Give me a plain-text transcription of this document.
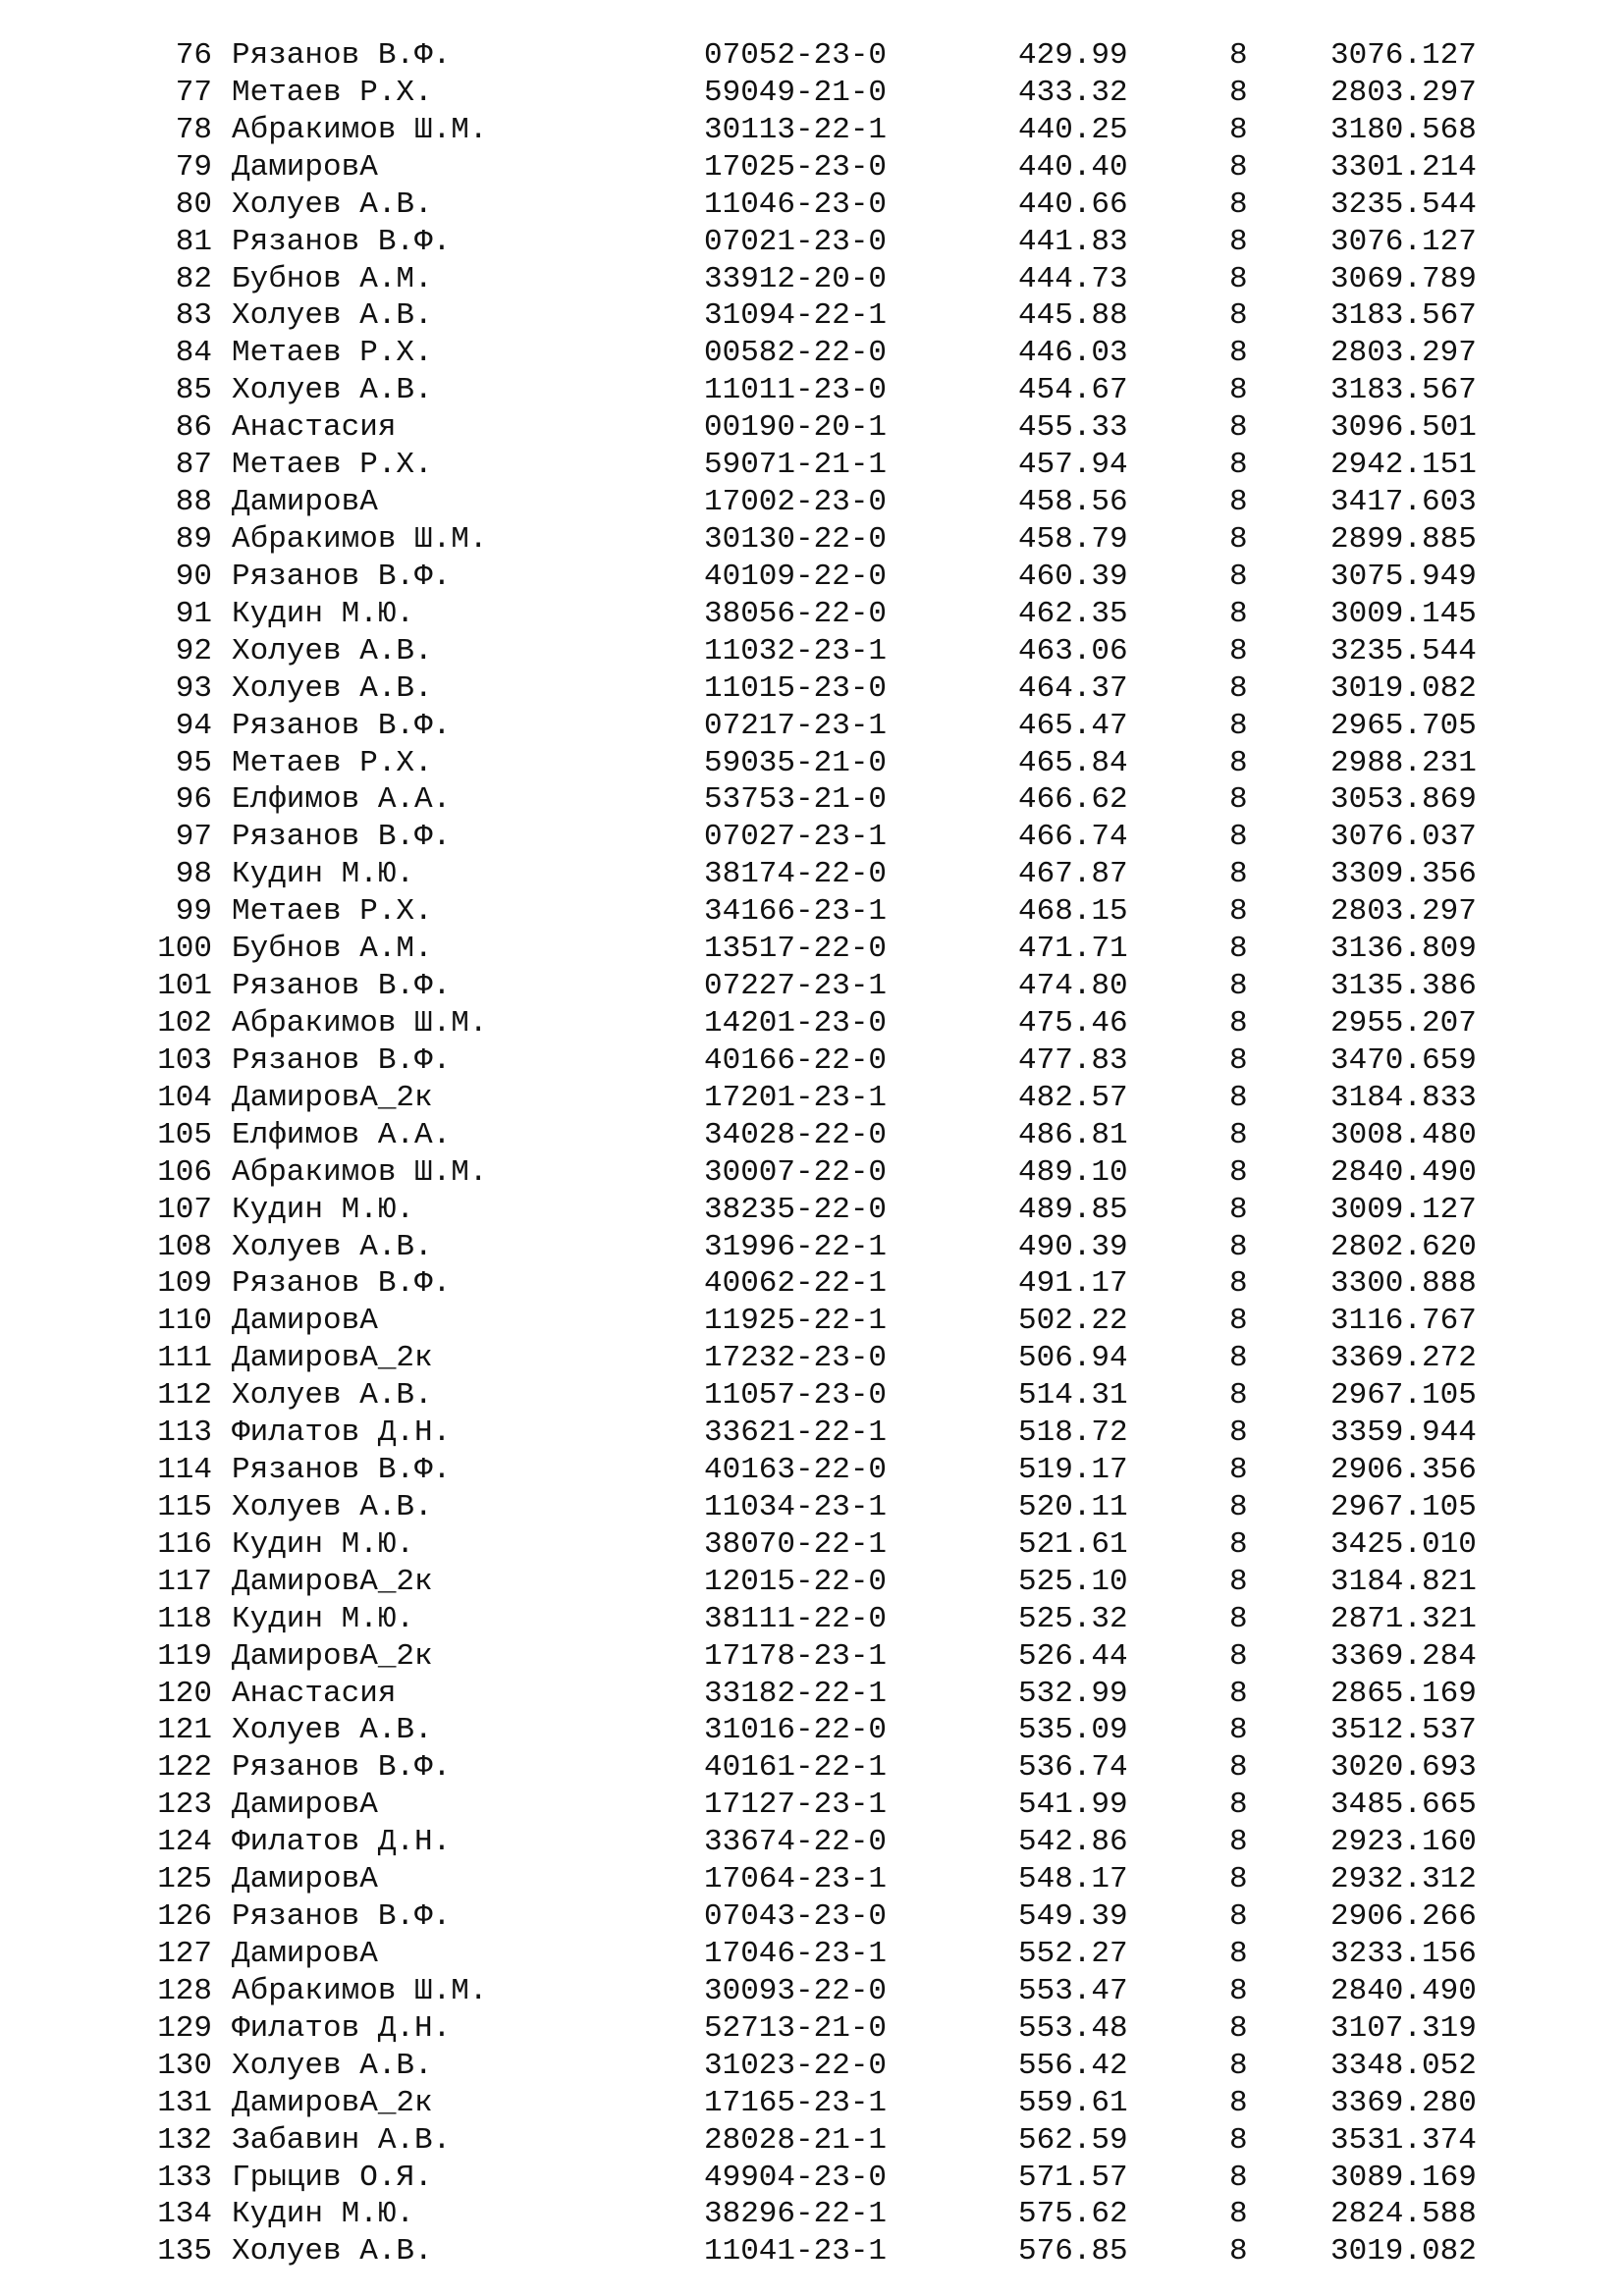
76 Рязанов В.Ф.	07052-23-0	429.99	8	3076.127
77 Метаев Р.Х.	59049-21-0	433.32	8	2803.297
78 Абракимов Ш.М.	30113-22-1	440.25	8	3180.568
79 ДамировА	17025-23-0	440.40	8	3301.214
80 Холуев А.В.	11046-23-0	440.66	8	3235.544
81 Рязанов В.Ф.	07021-23-0	441.83	8	3076.127
82 Бубнов А.М.	33912-20-0	444.73	8	3069.789
83 Холуев А.В.	31094-22-1	445.88	8	3183.567
84 Метаев Р.Х.	00582-22-0	446.03	8	2803.297
85 Холуев А.В.	11011-23-0	454.67	8	3183.567
86 Анастасия	00190-20-1	455.33	8	3096.501
87 Метаев Р.Х.	59071-21-1	457.94	8	2942.151
88 ДамировА	17002-23-0	458.56	8	3417.603
89 Абракимов Ш.М.	30130-22-0	458.79	8	2899.885
90 Рязанов В.Ф.	40109-22-0	460.39	8	3075.949
91 Кудин М.Ю.	38056-22-0	462.35	8	3009.145
92 Холуев А.В.	11032-23-1	463.06	8	3235.544
93 Холуев А.В.	11015-23-0	464.37	8	3019.082
94 Рязанов В.Ф.	07217-23-1	465.47	8	2965.705
95 Метаев Р.Х.	59035-21-0	465.84	8	2988.231
96 Елфимов А.А.	53753-21-0	466.62	8	3053.869
97 Рязанов В.Ф.	07027-23-1	466.74	8	3076.037
98 Кудин М.Ю.	38174-22-0	467.87	8	3309.356
99 Метаев Р.Х.	34166-23-1	468.15	8	2803.297
100 Бубнов А.М.	13517-22-0	471.71	8	3136.809
101 Рязанов В.Ф.	07227-23-1	474.80	8	3135.386
102 Абракимов Ш.М.	14201-23-0	475.46	8	2955.207
103 Рязанов В.Ф.	40166-22-0	477.83	8	3470.659
104 ДамировА_2к	17201-23-1	482.57	8	3184.833
105 Елфимов А.А.	34028-22-0	486.81	8	3008.480
106 Абракимов Ш.М.	30007-22-0	489.10	8	2840.490
107 Кудин М.Ю.	38235-22-0	489.85	8	3009.127
108 Холуев А.В.	31996-22-1	490.39	8	2802.620
109 Рязанов В.Ф.	40062-22-1	491.17	8	3300.888
110 ДамировА	11925-22-1	502.22	8	3116.767
111 ДамировА_2к	17232-23-0	506.94	8	3369.272
112 Холуев А.В.	11057-23-0	514.31	8	2967.105
113 Филатов Д.Н.	33621-22-1	518.72	8	3359.944
114 Рязанов В.Ф.	40163-22-0	519.17	8	2906.356
115 Холуев А.В.	11034-23-1	520.11	8	2967.105
116 Кудин М.Ю.	38070-22-1	521.61	8	3425.010
117 ДамировА_2к	12015-22-0	525.10	8	3184.821
118 Кудин М.Ю.	38111-22-0	525.32	8	2871.321
119 ДамировА_2к	17178-23-1	526.44	8	3369.284
120 Анастасия	33182-22-1	532.99	8	2865.169
121 Холуев А.В.	31016-22-0	535.09	8	3512.537
122 Рязанов В.Ф.	40161-22-1	536.74	8	3020.693
123 ДамировА	17127-23-1	541.99	8	3485.665
124 Филатов Д.Н.	33674-22-0	542.86	8	2923.160
125 ДамировА	17064-23-1	548.17	8	2932.312
126 Рязанов В.Ф.	07043-23-0	549.39	8	2906.266
127 ДамировА	17046-23-1	552.27	8	3233.156
128 Абракимов Ш.М.	30093-22-0	553.47	8	2840.490
129 Филатов Д.Н.	52713-21-0	553.48	8	3107.319
130 Холуев А.В.	31023-22-0	556.42	8	3348.052
131 ДамировА_2к	17165-23-1	559.61	8	3369.280
132 Забавин А.В.	28028-21-1	562.59	8	3531.374
133 Грыцив О.Я.	49904-23-0	571.57	8	3089.169
134 Кудин М.Ю.	38296-22-1	575.62	8	2824.588
135 Холуев А.В.	11041-23-1	576.85	8	3019.082
